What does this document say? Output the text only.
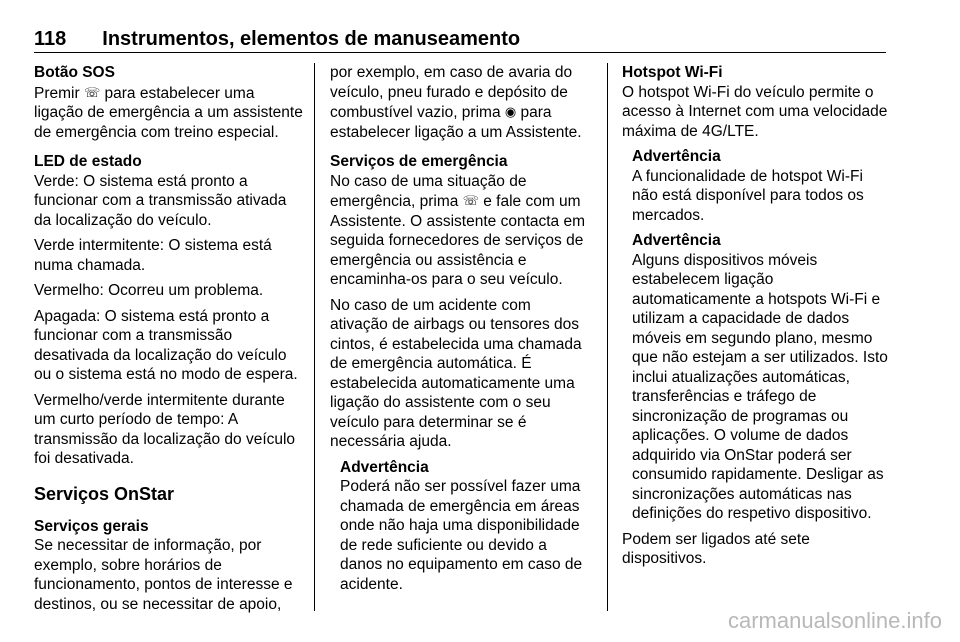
118 Instrumentos, elementos de manuseamento
Botão SOS
Premir ☏ para estabelecer uma ligação de emergência a um assistente de emergência com treino especial.
LED de estado

Verde: O sistema está pronto a funcionar com a transmissão ativada da localização do veículo.

Verde intermitente: O sistema está numa chamada.

Vermelho: Ocorreu um problema.

Apagada: O sistema está pronto a funcionar com a transmissão desativada da localização do veículo ou o sistema está no modo de espera.

Vermelho/verde intermitente durante um curto período de tempo: A transmissão da localização do veículo foi desativada.

Serviços OnStar
Serviços gerais
Se necessitar de informação, por exemplo, sobre horários de funcionamento, pontos de interesse e destinos, ou se necessitar de apoio,
por exemplo, em caso de avaria do veículo, pneu furado e depósito de combustível vazio, prima ◉ para estabelecer ligação a um Assistente.
Serviços de emergência

No caso de uma situação de emergência, prima ☏ e fale com um Assistente. O assistente contacta em seguida fornecedores de serviços de emergência ou assistência e encaminha-os para o seu veículo.

No caso de um acidente com ativação de airbags ou tensores dos cintos, é estabelecida uma chamada de emergência automática. É estabelecida automaticamente uma ligação do assistente com o seu veículo para determinar se é necessária ajuda.

Advertência
Poderá não ser possível fazer uma chamada de emergência em áreas onde não haja uma disponibilidade de rede suficiente ou devido a danos no equipamento em caso de acidente.
Hotspot Wi-Fi

O hotspot Wi-Fi do veículo permite o acesso à Internet com uma velocidade máxima de 4G/LTE.

Advertência
A funcionalidade de hotspot Wi-Fi não está disponível para todos os mercados.
Advertência
Alguns dispositivos móveis estabelecem ligação automaticamente a hotspots Wi-Fi e utilizam a capacidade de dados móveis em segundo plano, mesmo que não estejam a ser utilizados. Isto inclui atualizações automáticas, transferências e tráfego de sincronização de programas ou aplicações. O volume de dados adquirido via OnStar poderá ser consumido rapidamente. Desligar as sincronizações automáticas nas definições do respetivo dispositivo.

Podem ser ligados até sete dispositivos.

carmanualsonline.info
